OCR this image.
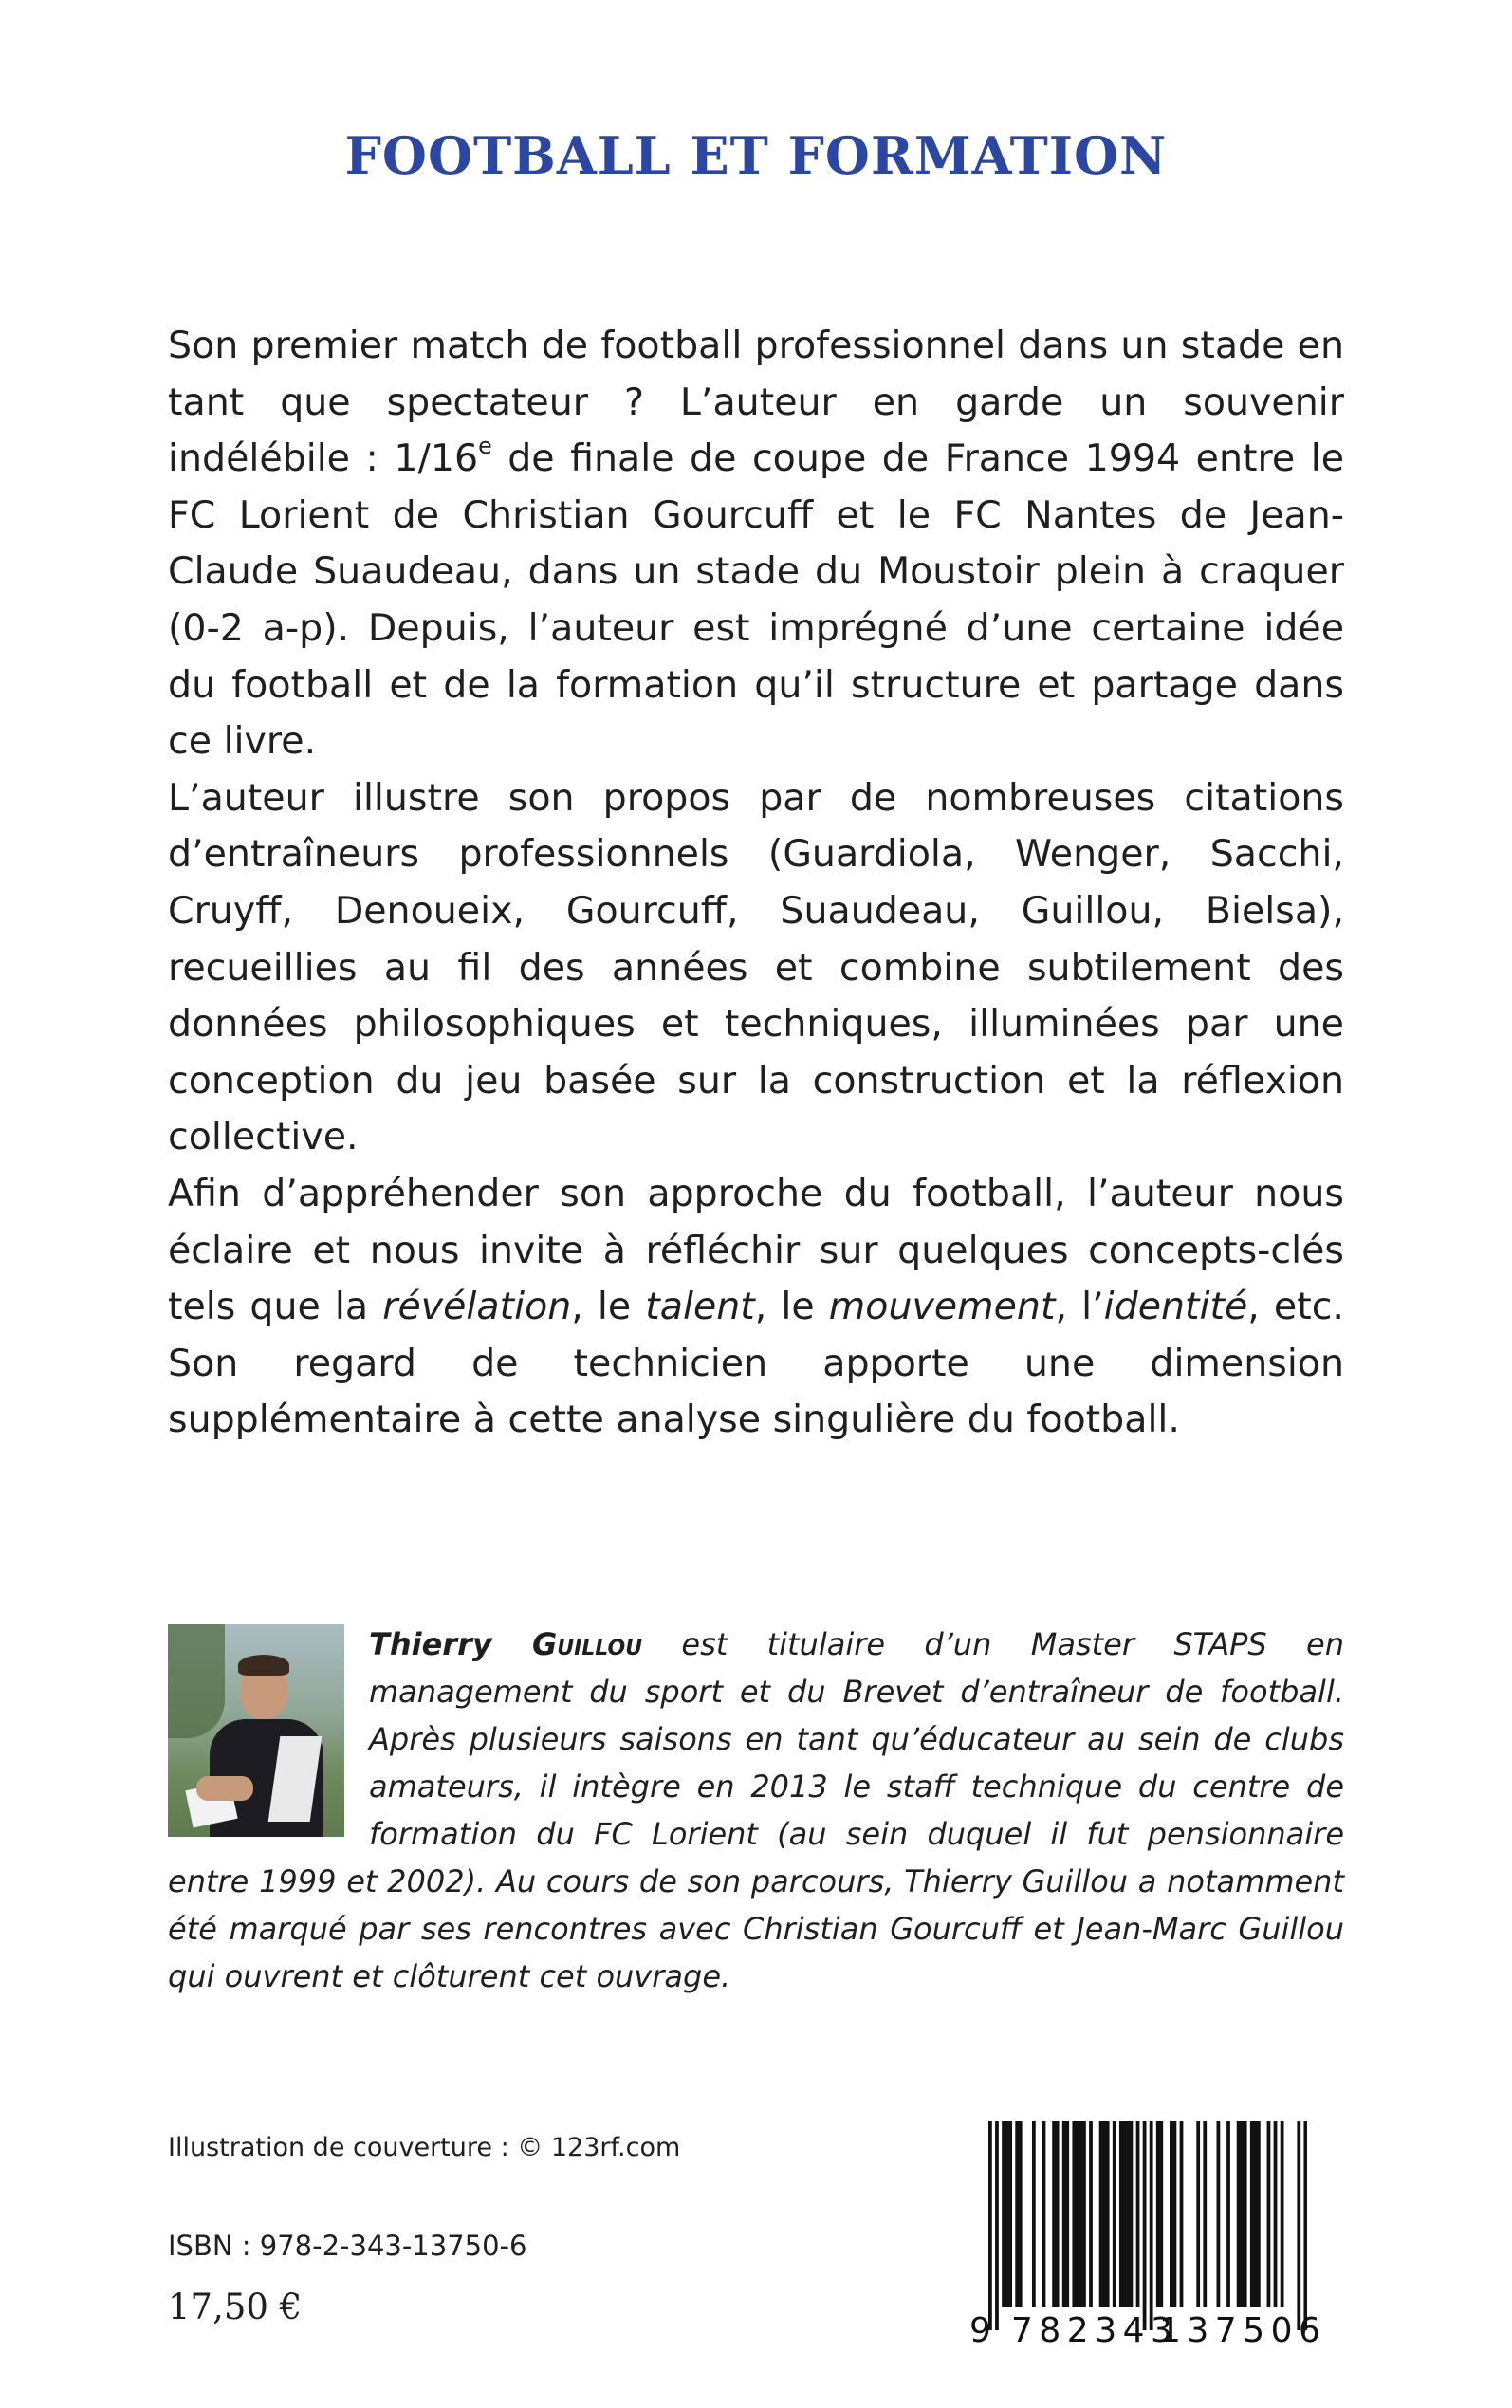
FOOTBALL ET FORMATION

Son premier match de football professionnel dans un stade en tant que spectateur ? L’auteur en garde un souvenir indélébile : 1/16e de finale de coupe de France 1994 entre le FC Lorient de Christian Gourcuff et le FC Nantes de Jean-Claude Suaudeau, dans un stade du Moustoir plein à craquer (0-2 a-p). Depuis, l’auteur est imprégné d’une certaine idée du football et de la formation qu’il structure et partage dans ce livre.

L’auteur illustre son propos par de nombreuses citations d’entraîneurs professionnels (Guardiola, Wenger, Sacchi, Cruyff, Denoueix, Gourcuff, Suaudeau, Guillou, Bielsa), recueillies au fil des années et combine subtilement des données philosophiques et techniques, illuminées par une conception du jeu basée sur la construction et la réflexion collective.

Afin d’appréhender son approche du football, l’auteur nous éclaire et nous invite à réfléchir sur quelques concepts-clés tels que la révélation, le talent, le mouvement, l’identité, etc. Son regard de technicien apporte une dimension supplémentaire à cette analyse singulière du football.

Thierry Guillou est titulaire d’un Master STAPS en management du sport et du Brevet d’entraîneur de football. Après plusieurs saisons en tant qu’éducateur au sein de clubs amateurs, il intègre en 2013 le staff technique du centre de formation du FC Lorient (au sein duquel il fut pensionnaire entre 1999 et 2002). Au cours de son parcours, Thierry Guillou a notamment été marqué par ses rencontres avec Christian Gourcuff et Jean-Marc Guillou qui ouvrent et clôturent cet ouvrage.

Illustration de couverture : © 123rf.com

ISBN : 978-2-343-13750-6

17,50 €

9 782343
137506
